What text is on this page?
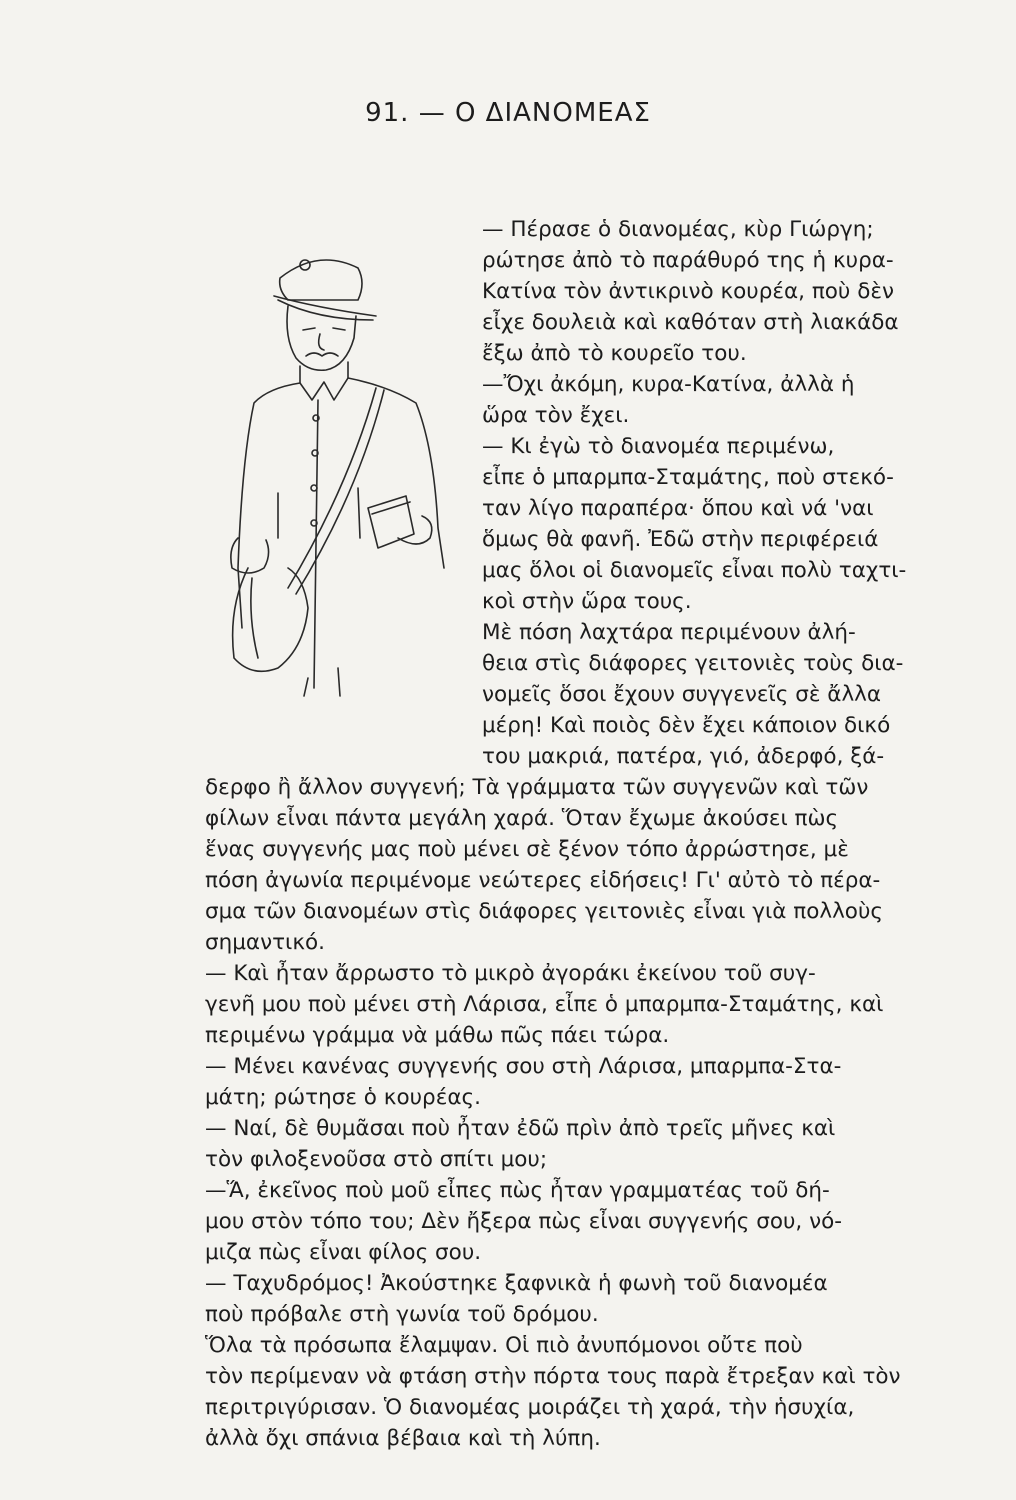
91. — Ο ΔΙΑΝΟΜΕΑΣ
— Πέρασε ὁ διανομέας, κὺρ Γιώργη;
ρώτησε ἀπὸ τὸ παράθυρό της ἡ κυρα-
Κατίνα τὸν ἀντικρινὸ κουρέα, ποὺ δὲν
εἶχε δουλειὰ καὶ καθόταν στὴ λιακάδα
ἔξω ἀπὸ τὸ κουρεῖο του.
—Ὄχι ἀκόμη, κυρα-Κατίνα, ἀλλὰ ἡ
ὥρα τὸν ἔχει.
— Κι ἐγὼ τὸ διανομέα περιμένω,
εἶπε ὁ μπαρμπα-Σταμάτης, ποὺ στεκό-
ταν λίγο παραπέρα· ὅπου καὶ νά 'ναι
ὅμως θὰ φανῆ. Ἐδῶ στὴν περιφέρειά
μας ὅλοι οἱ διανομεῖς εἶναι πολὺ ταχτι-
κοὶ στὴν ὥρα τους.
Μὲ πόση λαχτάρα περιμένουν ἀλή-
θεια στὶς διάφορες γειτονιὲς τοὺς δια-
νομεῖς ὅσοι ἔχουν συγγενεῖς σὲ ἄλλα
μέρη! Καὶ ποιὸς δὲν ἔχει κάποιον δικό
του μακριά, πατέρα, γιό, ἀδερφό, ξά-
δερφο ἢ ἄλλον συγγενή; Τὰ γράμματα τῶν συγγενῶν καὶ τῶν
φίλων εἶναι πάντα μεγάλη χαρά. Ὅταν ἔχωμε ἀκούσει πὼς
ἕνας συγγενής μας ποὺ μένει σὲ ξένον τόπο ἀρρώστησε, μὲ
πόση ἀγωνία περιμένομε νεώτερες εἰδήσεις! Γι' αὐτὸ τὸ πέρα-
σμα τῶν διανομέων στὶς διάφορες γειτονιὲς εἶναι γιὰ πολλοὺς
σημαντικό.
— Καὶ ἦταν ἄρρωστο τὸ μικρὸ ἀγοράκι ἐκείνου τοῦ συγ-
γενῆ μου ποὺ μένει στὴ Λάρισα, εἶπε ὁ μπαρμπα-Σταμάτης, καὶ
περιμένω γράμμα νὰ μάθω πῶς πάει τώρα.
— Μένει κανένας συγγενής σου στὴ Λάρισα, μπαρμπα-Στα-
μάτη; ρώτησε ὁ κουρέας.
— Ναί, δὲ θυμᾶσαι ποὺ ἦταν ἐδῶ πρὶν ἀπὸ τρεῖς μῆνες καὶ
τὸν φιλοξενοῦσα στὸ σπίτι μου;
—Ἅ, ἐκεῖνος ποὺ μοῦ εἶπες πὼς ἦταν γραμματέας τοῦ δή-
μου στὸν τόπο του; Δὲν ἤξερα πὼς εἶναι συγγενής σου, νό-
μιζα πὼς εἶναι φίλος σου.
— Ταχυδρόμος! Ἀκούστηκε ξαφνικὰ ἡ φωνὴ τοῦ διανομέα
ποὺ πρόβαλε στὴ γωνία τοῦ δρόμου.
Ὅλα τὰ πρόσωπα ἔλαμψαν. Οἱ πιὸ ἀνυπόμονοι οὔτε ποὺ
τὸν περίμεναν νὰ φτάση στὴν πόρτα τους παρὰ ἔτρεξαν καὶ τὸν
περιτριγύρισαν. Ὁ διανομέας μοιράζει τὴ χαρά, τὴν ἡσυχία,
ἀλλὰ ὄχι σπάνια βέβαια καὶ τὴ λύπη.
